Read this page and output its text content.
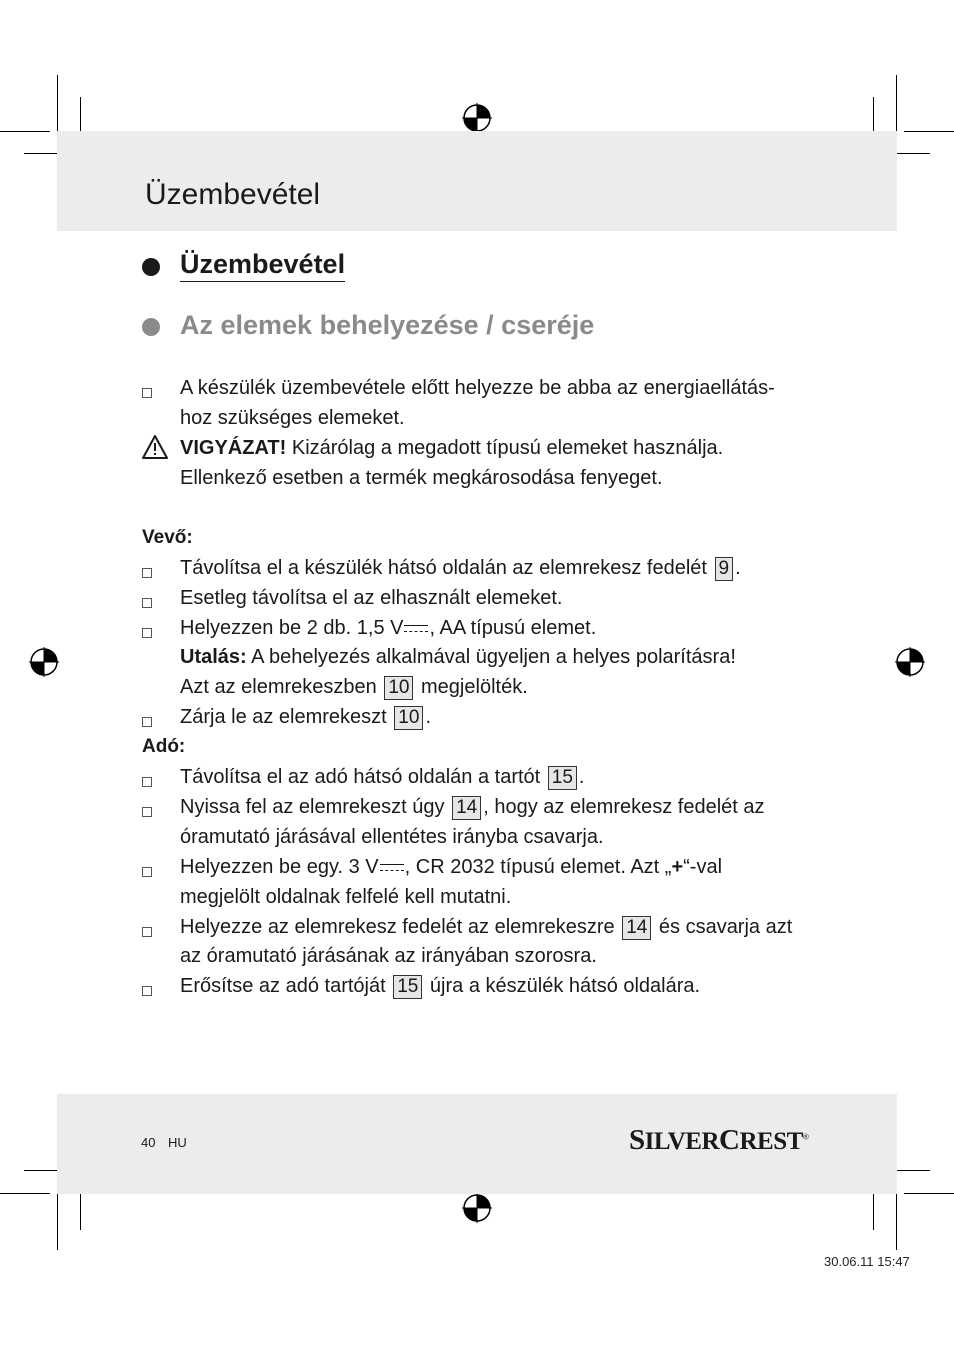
Üzembevétel
Üzembevétel
Az elemek behelyezése / cseréje
A készülék üzembevétele előtt helyezze be abba az energiaellátás-
hoz szükséges elemeket.
VIGYÁZAT! Kizárólag a megadott típusú elemeket használja.
Ellenkező esetben a termék megkárosodása fenyeget.
Vevő:
Távolítsa el a készülék hátsó oldalán az elemrekesz fedelét 9 .
Esetleg távolítsa el az elhasznált elemeket.
Helyezzen be 2 db. 1,5 V , AA típusú elemet.
Utalás: A behelyezés alkalmával ügyeljen a helyes polarításra!
Azt az elemrekeszben 10 megjelölték.
Zárja le az elemrekeszt 10 .
Adó:
Távolítsa el az adó hátsó oldalán a tartót 15 .
Nyissa fel az elemrekeszt úgy 14 , hogy az elemrekesz fedelét az
óramutató járásával ellentétes irányba csavarja.
Helyezzen be egy. 3 V , CR 2032 típusú elemet. Azt „+“-val
megjelölt oldalnak felfelé kell mutatni.
Helyezze az elemrekesz fedelét az elemrekeszre 14 és csavarja azt
az óramutató járásának az irányában szorosra.
Erősítse az adó tartóját 15 újra a készülék hátsó oldalára.
40 HU	SILVERCREST®
30.06.11 15:47
